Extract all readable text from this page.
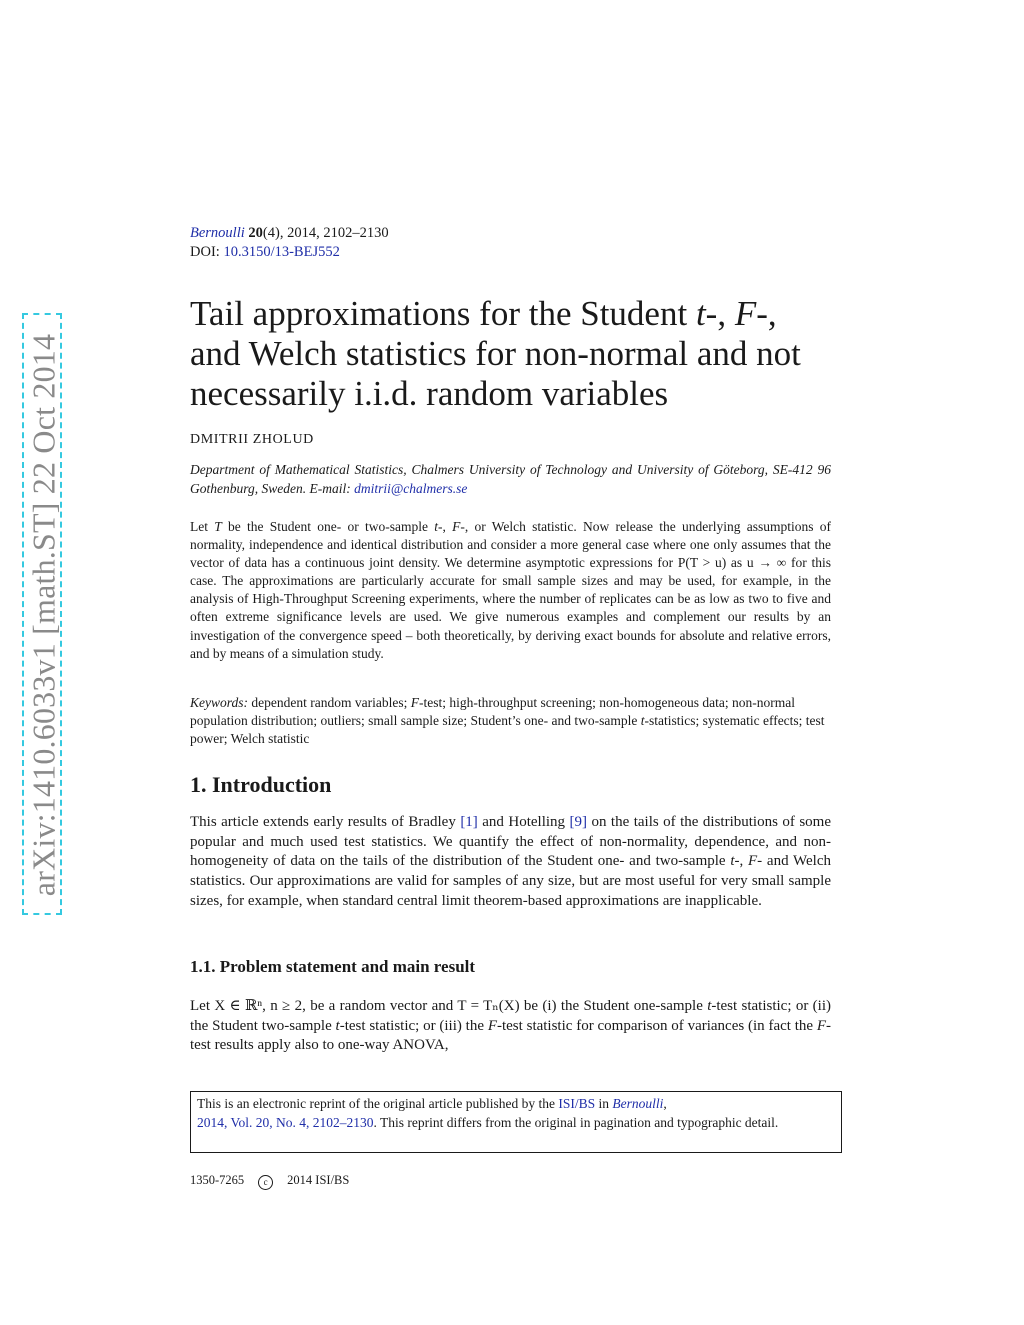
arXiv:1410.6033v1 [math.ST] 22 Oct 2014
Bernoulli 20(4), 2014, 2102–2130
DOI: 10.3150/13-BEJ552
Tail approximations for the Student t-, F-,
and Welch statistics for non-normal and not
necessarily i.i.d. random variables
DMITRII ZHOLUD
Department of Mathematical Statistics, Chalmers University of Technology and University of Göteborg, SE-412 96 Gothenburg, Sweden. E-mail: dmitrii@chalmers.se

Let T be the Student one- or two-sample t-, F-, or Welch statistic. Now release the underlying assumptions of normality, independence and identical distribution and consider a more general case where one only assumes that the vector of data has a continuous joint density. We determine asymptotic expressions for P(T > u) as u → ∞ for this case. The approximations are particularly accurate for small sample sizes and may be used, for example, in the analysis of High-Throughput Screening experiments, where the number of replicates can be as low as two to five and often extreme significance levels are used. We give numerous examples and complement our results by an investigation of the convergence speed – both theoretically, by deriving exact bounds for absolute and relative errors, and by means of a simulation study.

Keywords: dependent random variables; F-test; high-throughput screening; non-homogeneous data; non-normal population distribution; outliers; small sample size; Student’s one- and two-sample t-statistics; systematic effects; test power; Welch statistic

1. Introduction

This article extends early results of Bradley [1] and Hotelling [9] on the tails of the distributions of some popular and much used test statistics. We quantify the effect of non-normality, dependence, and non-homogeneity of data on the tails of the distribution of the Student one- and two-sample t-, F- and Welch statistics. Our approximations are valid for samples of any size, but are most useful for very small sample sizes, for example, when standard central limit theorem-based approximations are inapplicable.

1.1. Problem statement and main result

Let X ∈ ℝⁿ, n ≥ 2, be a random vector and T = Tₙ(X) be (i) the Student one-sample t-test statistic; or (ii) the Student two-sample t-test statistic; or (iii) the F-test statistic for comparison of variances (in fact the F-test results apply also to one-way ANOVA,

This is an electronic reprint of the original article published by the ISI/BS in Bernoulli,
2014, Vol. 20, No. 4, 2102–2130. This reprint differs from the original in pagination and typographic detail.
1350-7265 c 2014 ISI/BS
